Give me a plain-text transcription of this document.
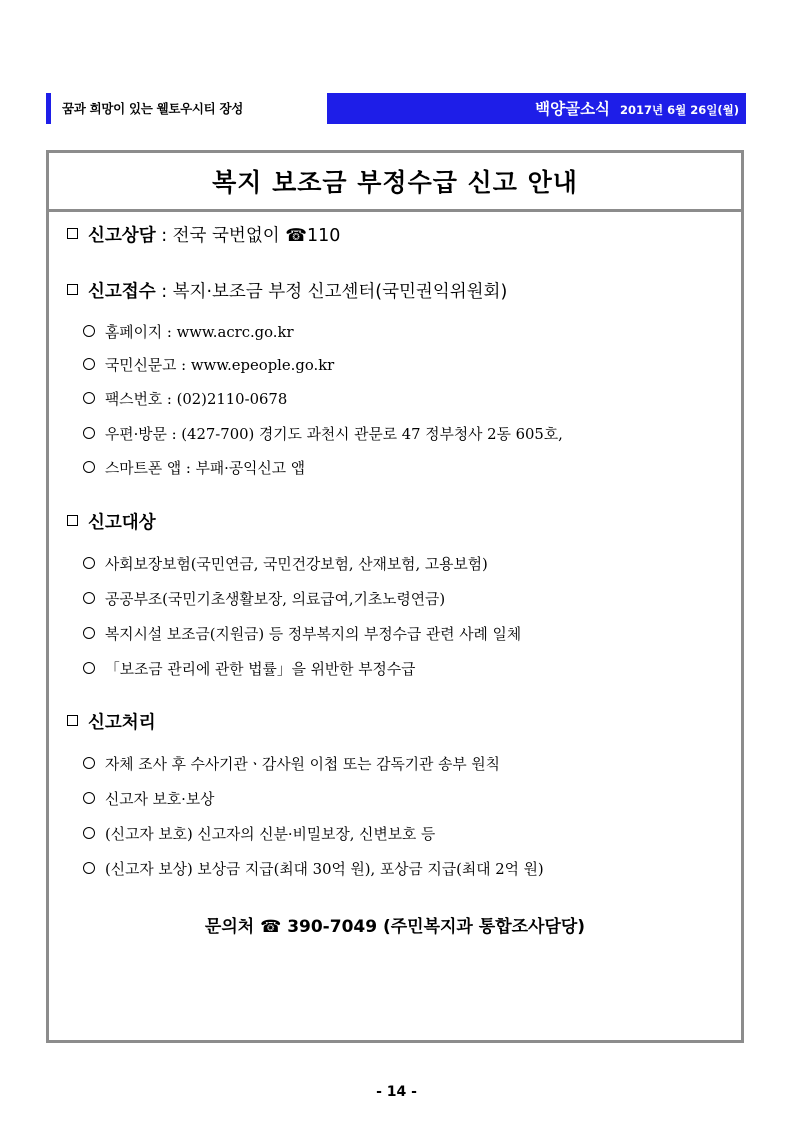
꿈과 희망이 있는 웰토우시티 장성	백양골소식 2017년 6월 26일(월)
복지 보조금 부정수급 신고 안내
신고상담 : 전국 국번없이 ☎110
신고접수 : 복지·보조금 부정 신고센터(국민권익위원회)
홈페이지 : www.acrc.go.kr
국민신문고 : www.epeople.go.kr
팩스번호 : (02)2110-0678
우편·방문 : (427-700) 경기도 과천시 관문로 47 정부청사 2동 605호,
스마트폰 앱 : 부패·공익신고 앱
신고대상
사회보장보험(국민연금, 국민건강보험, 산재보험, 고용보험)
공공부조(국민기초생활보장, 의료급여,기초노령연금)
복지시설 보조금(지원금) 등 정부복지의 부정수급 관련 사례 일체
「보조금 관리에 관한 법률」을 위반한 부정수급
신고처리
자체 조사 후 수사기관ㆍ감사원 이첩 또는 감독기관 송부 원칙
신고자 보호·보상
(신고자 보호) 신고자의 신분·비밀보장, 신변보호 등
(신고자 보상) 보상금 지급(최대 30억 원), 포상금 지급(최대 2억 원)
문의처 ☎ 390-7049 (주민복지과 통합조사담당)
- 14 -
